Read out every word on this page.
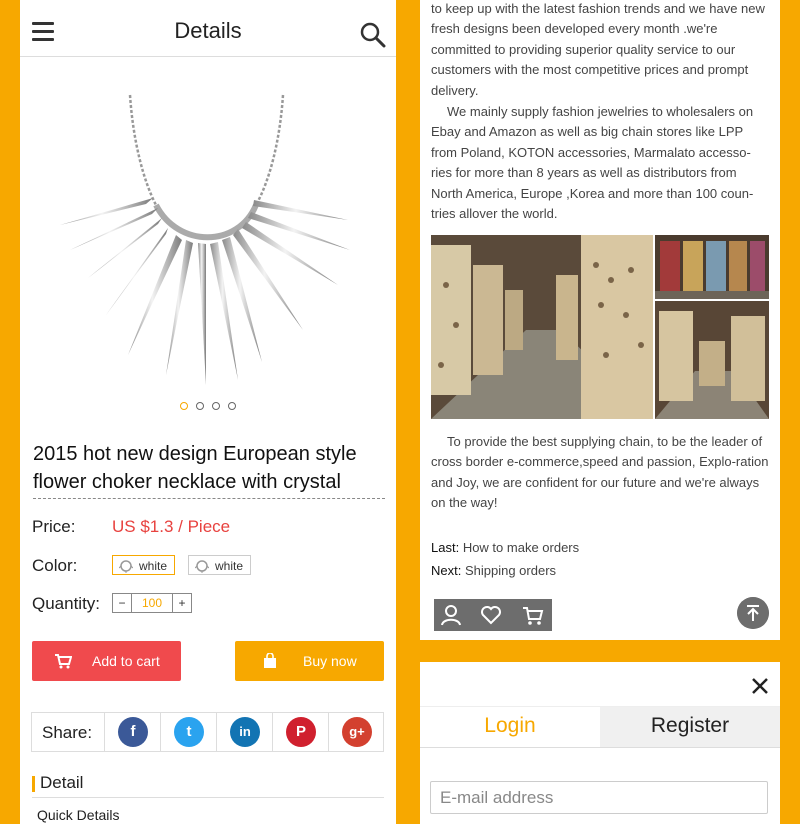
Details
2015 hot new design European style flower choker necklace with crystal
Price: US $1.3 / Piece
Color:	white	white
Quantity:	−	100	+
Add to cart	Buy now
Share:	f	t	in	P	g+
Detail
Quick Details
to keep up with the latest fashion trends and we have new fresh designs been developed every month .we're committed to providing superior quality service to our customers with the most competitive prices and prompt delivery.
We mainly supply fashion jewelries to wholesalers on Ebay and Amazon as well as big chain stores like LPP from Poland, KOTON accessories, Marmalato accesso-ries for more than 8 years as well as distributors from North America, Europe ,Korea and more than 100 coun-tries allover the world.
To provide the best supplying chain, to be the leader of cross border e-commerce,speed and passion, Explo-ration and Joy, we are confident for our future and we're always on the way!
Last: How to make orders
Next: Shipping orders
Login	Register
E-mail address
